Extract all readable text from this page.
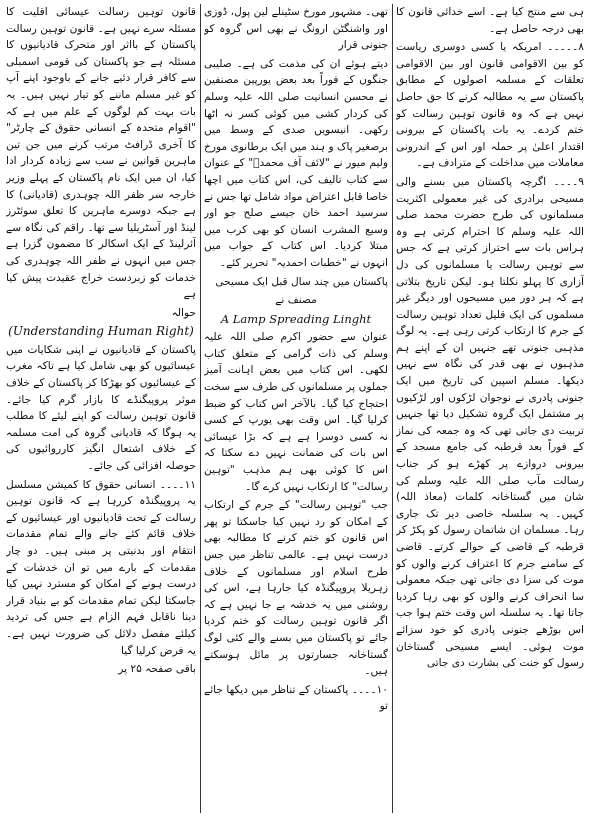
ہی سے منتج کیا ہے۔ اسے خدائی قانون کا بھی درجہ حاصل ہے۔

۸۔۔۔۔۔ امریکہ یا کسی دوسری ریاست کو بین الاقوامی قانون اور بین الاقوامی تعلقات کے مسلمہ اصولوں کے مطابق پاکستان سے یہ مطالبہ کرنے کا حق حاصل نہیں ہے کہ وہ قانون توہین رسالت کو ختم کردے۔ یہ بات پاکستان کے بیرونی اقتدار اعلیٰ پر حملہ اور اس کے اندرونی معاملات میں مداخلت کے مترادف ہے۔

۹۔۔۔۔ اگرچہ پاکستان میں بسنے والی مسیحی برادری کی غیر معمولی اکثریت مسلمانوں کی طرح حضرت محمد صلی اللہ علیہ وسلم کا احترام کرتی ہے وہ ہراس بات سے احتراز کرتی ہے کہ جس سے توہین رسالت یا مسلمانوں کی دل آزاری کا پہلو نکلتا ہو۔ لیکن تاریخ بتلاتی ہے کہ ہر دور میں مسیحوں اور دیگر غیر مسلموں کی ایک قلیل تعداد توہین رسالت کے جرم کا ارتکاب کرتی رہی ہے۔ یہ لوگ مذہبی جنونی تھے جنہیں ان کے اپنے ہم مذہبوں نے بھی قدر کی نگاہ سے نہیں دیکھا۔ مسلم اسپین کی تاریخ میں ایک جنونی پادری نے نوجوان لڑکوں اور لڑکیوں پر مشتمل ایک گروہ تشکیل دیا تھا جنہیں تربیت دی جاتی تھی کہ وہ جمعہ کی نماز کے فوراً بعد قرطبہ کی جامع مسجد کے بیرونی دروازے پر کھڑے ہو کر جناب رسالت مآب صلی اللہ علیہ وسلم کی شان میں گستاخانہ کلمات (معاذ اللہ) کہیں۔ یہ سلسلہ خاصی دیر تک جاری رہا۔ مسلمان ان شاتمان رسول کو پکڑ کر قرطبہ کے قاضی کے حوالے کرتے۔ قاضی کے سامنے جرم کا اعتراف کرنے والوں کو موت کی سزا دی جاتی تھی جبکہ معمولی سا انحراف کرنے والوں کو بھی رہا کردیا جاتا تھا۔ یہ سلسلہ اس وقت ختم ہوا جب اس بوڑھے جنونی پادری کو خود سزائے موت ہوئی۔ ایسے مسیحی گستاخان رسول کو جنت کی بشارت دی جاتی

تھی۔ مشہور مورخ سٹینلے لین پول، ڈوزی اور واشنگٹن ارونگ نے بھی اس گروہ کو جنونی قرار

دیتے ہوئے ان کی مذمت کی ہے۔ صلیبی جنگوں کے فوراً بعد بعض یورپین مصنفین نے محسن انسانیت صلی اللہ علیہ وسلم کی کردار کشی میں کوئی کسر نہ اٹھا رکھی۔ انیسویں صدی کے وسط میں برصغیر پاک و ہند میں ایک برطانوی مورخ ولیم میور نے "لائف آف محمدؐ" کے عنوان سے کتاب تالیف کی، اس کتاب میں اچھا خاصا قابل اعتراض مواد شامل تھا جس نے سرسید احمد خان جیسے صلح جو اور وسیع المشرب انسان کو بھی کرب میں مبتلا کردیا۔ اس کتاب کے جواب میں انہوں نے "خطبات احمدیہ" تحریر کئے۔

پاکستان میں چند سال قبل ایک مسیحی

مصنف نے

A Lamp Spreading Linght

عنوان سے حضور اکرم صلی اللہ علیہ وسلم کی ذات گرامی کے متعلق کتاب لکھی۔ اس کتاب میں بعض اہانت آمیز جملوں پر مسلمانوں کی طرف سے سخت احتجاج کیا گیا۔ بالآخر اس کتاب کو ضبط کرلیا گیا۔ اس وقت بھی یورپ کے کسی نہ کسی دوسرا ہے ہے کہ بڑا عیسائی اس بات کی ضمانت نہیں دے سکتا کہ اس کا کوئی بھی ہم مذہب "توہین رسالت" کا ارتکاب نہیں کرے گا۔

جب "توہین رسالت" کے جرم کے ارتکاب کے امکان کو رد نہیں کیا جاسکتا تو پھر اس قانون کو ختم کرنے کا مطالبہ بھی درست نہیں ہے۔ عالمی تناظر میں جس طرح اسلام اور مسلمانوں کے خلاف زہریلا پروپیگنڈہ کیا جارہا ہے، اس کی روشنی میں یہ خدشہ بے جا نہیں ہے کہ اگر قانون توہین رسالت کو ختم کردیا جائے تو پاکستان میں بسنے والے کئی لوگ گستاخانہ جسارتوں پر مائل ہوسکتے ہیں۔

۱۰۔۔۔۔ پاکستان کے تناظر میں دیکھا جائے تو

قانون توہین رسالت عیسائی اقلیت کا مسئلہ سرے نہیں ہے۔ قانون توہین رسالت پاکستان کے بااثر اور متحرک قادیانیوں کا مسئلہ ہے جو پاکستان کی قومی اسمبلی سے کافر قرار دئیے جانے کے باوجود اپنے آپ کو غیر مسلم ماننے کو تیار نہیں ہیں۔ یہ بات بہت کم لوگوں کے علم میں ہے کہ "اقوام متحدہ کے انسانی حقوق کے چارٹر" کا آخری ڈرافٹ مرتب کرنے میں جن تین ماہرین قوانین نے سب سے زیادہ کردار ادا کیا، ان میں ایک نام پاکستان کے پہلے وزیر خارجہ سر ظفر اللہ چوہدری (قادیانی) کا ہے جبکہ دوسرے ماہرین کا تعلق سوئٹرز لینڈ اور آسٹریلیا سے تھا۔ راقم کی نگاہ سے آئرلینڈ کے ایک اسکالر کا مضمون گزرا ہے جس میں انہوں نے ظفر اللہ چوہدری کی خدمات کو زبردست خراج عقیدت پیش کیا ہے

حوالہ

(Understanding Human Right)

پاکستان کے قادیانیوں نے اپنی شکایات میں عیسائیوں کو بھی شامل کیا ہے تاکہ مغرب کے عیسائیوں کو بھڑکا کر پاکستان کے خلاف موثر پروپیگنڈے کا بازار گرم کیا جائے۔ قانون توہین رسالت کو اپنے لیئے کا مطلب یہ ہوگا کہ قادیانی گروہ کی امت مسلمہ کے خلاف اشتعال انگیز کارروائیوں کی حوصلہ افزائی کی جائے۔

۱۱۔۔۔۔ انسانی حقوق کا کمیشن مسلسل یہ پروپیگنڈہ کررہا ہے کہ قانون توہین رسالت کے تحت قادیانیوں اور عیسائیوں کے خلاف قائم کئے جانے والے تمام مقدمات انتقام اور بدنیتی پر مبنی ہیں۔ دو چار مقدمات کے بارے میں تو ان خدشات کے درست ہونے کے امکان کو مسترد نہیں کیا جاسکتا لیکن تمام مقدمات کو بے بنیاد قرار دینا ناقابل فہم الزام ہے جس کی تردید کیلئے مفصل دلائل کی ضرورت نہیں ہے۔ یہ فرض کرلیا گیا

باقی صفحہ ۲۵ پر
